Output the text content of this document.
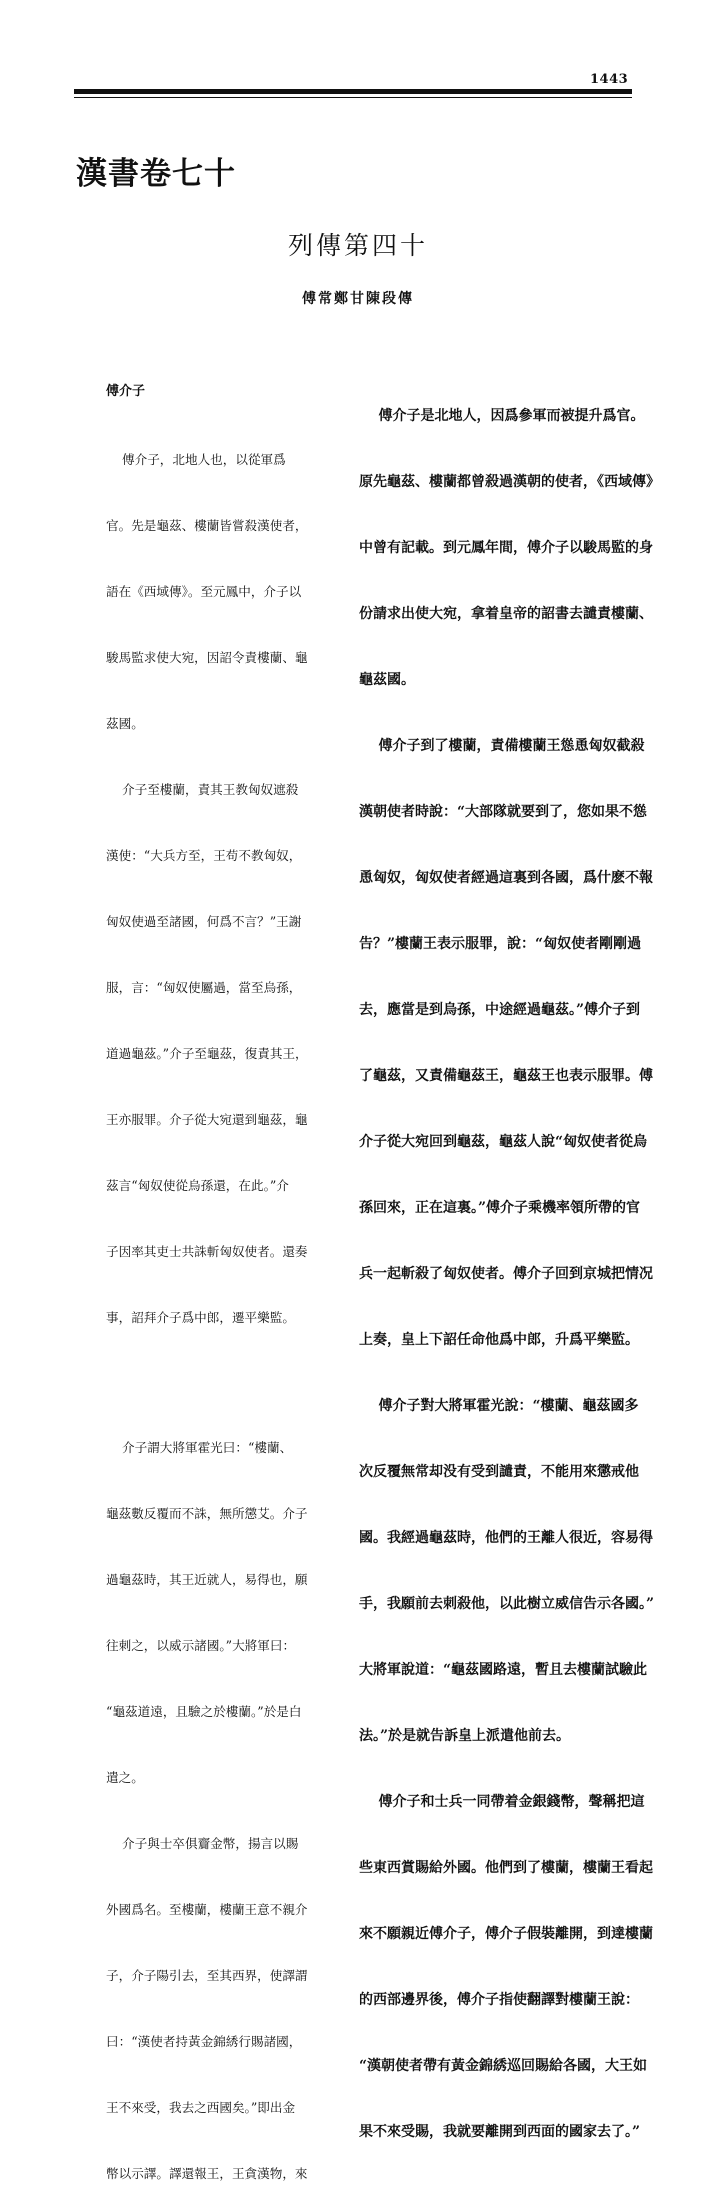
1443
漢書卷七十
列傳第四十
傅常鄭甘陳段傳

傅介子

傅介子，北地人也，以從軍爲

官。先是龜茲、樓蘭皆嘗殺漢使者，

語在《西域傳》。至元鳳中，介子以

駿馬監求使大宛，因詔令責樓蘭、龜

茲國。

介子至樓蘭，責其王教匈奴遮殺

漢使：“大兵方至，王苟不教匈奴，

匈奴使過至諸國，何爲不言？”王謝

服，言：“匈奴使屬過，當至烏孫，

道過龜茲。”介子至龜茲，復責其王，

王亦服罪。介子從大宛還到龜茲，龜

茲言“匈奴使從烏孫還，在此。”介

子因率其吏士共誅斬匈奴使者。還奏

事，詔拜介子爲中郎，遷平樂監。

介子謂大將軍霍光曰：“樓蘭、

龜茲數反覆而不誅，無所懲艾。介子

過龜茲時，其王近就人，易得也，願

往刺之，以威示諸國。”大將軍曰：

“龜茲道遠，且驗之於樓蘭。”於是白

遣之。

介子與士卒俱齎金幣，揚言以賜

外國爲名。至樓蘭，樓蘭王意不親介

子，介子陽引去，至其西界，使譯謂

曰：“漢使者持黃金錦綉行賜諸國，

王不來受，我去之西國矣。”即出金

幣以示譯。譯還報王，王貪漢物，來

傅介子是北地人，因爲參軍而被提升爲官。

原先龜茲、樓蘭都曾殺過漢朝的使者，《西域傳》

中曾有記載。到元鳳年間，傅介子以駿馬監的身

份請求出使大宛，拿着皇帝的詔書去譴責樓蘭、

龜茲國。

傅介子到了樓蘭，責備樓蘭王慫恿匈奴截殺

漢朝使者時說：“大部隊就要到了，您如果不慫

恿匈奴，匈奴使者經過這裏到各國，爲什麽不報

告？”樓蘭王表示服罪，說：“匈奴使者剛剛過

去，應當是到烏孫，中途經過龜茲。”傅介子到

了龜茲，又責備龜茲王，龜茲王也表示服罪。傅

介子從大宛回到龜茲，龜茲人說“匈奴使者從烏

孫回來，正在這裏。”傅介子乘機率領所帶的官

兵一起斬殺了匈奴使者。傅介子回到京城把情况

上奏，皇上下詔任命他爲中郎，升爲平樂監。

傅介子對大將軍霍光說：“樓蘭、龜茲國多

次反覆無常却没有受到譴責，不能用來懲戒他

國。我經過龜茲時，他們的王離人很近，容易得

手，我願前去刺殺他，以此樹立威信告示各國。”

大將軍說道：“龜茲國路遠，暫且去樓蘭試驗此

法。”於是就告訴皇上派遣他前去。

傅介子和士兵一同帶着金銀錢幣，聲稱把這

些東西賞賜給外國。他們到了樓蘭，樓蘭王看起

來不願親近傅介子，傅介子假裝離開，到達樓蘭

的西部邊界後，傅介子指使翻譯對樓蘭王說：

“漢朝使者帶有黃金錦綉巡回賜給各國，大王如

果不來受賜，我就要離開到西面的國家去了。”
